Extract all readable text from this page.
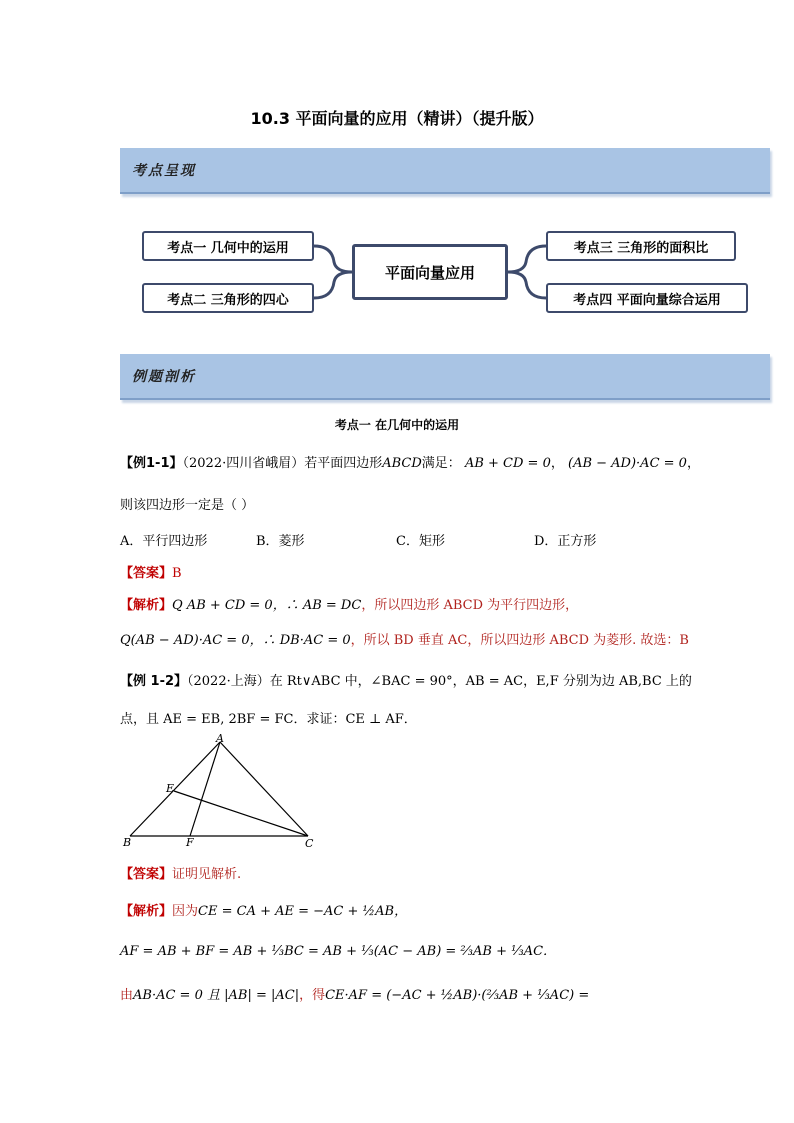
10.3 平面向量的应用（精讲）（提升版）
考点呈现
考点一 几何中的运用
考点二 三角形的四心
平面向量应用
考点三 三角形的面积比
考点四 平面向量综合运用
例题剖析
考点一 在几何中的运用
【例1-1】（2022·四川省峨眉）若平面四边形ABCD满足： AB + CD = 0， (AB − AD)·AC = 0，
则该四边形一定是（ ）
A．平行四边形	B．菱形	C．矩形	D．正方形
【答案】B
【解析】Q AB + CD = 0，∴ AB = DC，所以四边形 ABCD 为平行四边形，
Q(AB − AD)·AC = 0，∴ DB·AC = 0，所以 BD 垂直 AC，所以四边形 ABCD 为菱形. 故选：B
【例 1-2】（2022·上海）在 Rt∨ABC 中，∠BAC = 90°，AB = AC，E,F 分别为边 AB,BC 上的
点，且 AE = EB, 2BF = FC．求证：CE ⊥ AF．
A
E
B	F	C
【答案】证明见解析.
【解析】因为CE = CA + AE = −AC + ½AB，
AF = AB + BF = AB + ⅓BC = AB + ⅓(AC − AB) = ⅔AB + ⅓AC．
由AB·AC = 0 且 |AB| = |AC|，得CE·AF = (−AC + ½AB)·(⅔AB + ⅓AC) =
